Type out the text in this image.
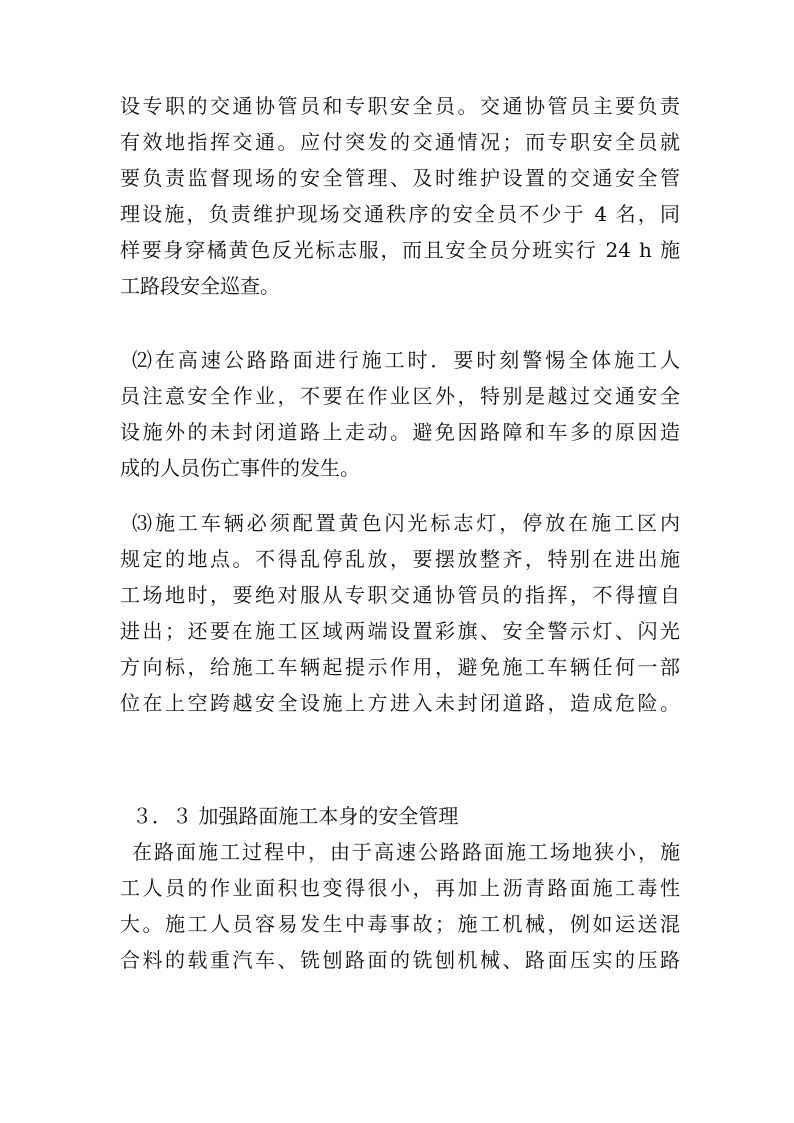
设专职的交通协管员和专职安全员。交通协管员主要负责
有效地指挥交通。应付突发的交通情况；而专职安全员就
要负责监督现场的安全管理、及时维护设置的交通安全管
理设施，负责维护现场交通秩序的安全员不少于 4 名，同
样要身穿橘黄色反光标志服，而且安全员分班实行 24 h 施
工路段安全巡查。
⑵在高速公路路面进行施工时．要时刻警惕全体施工人
员注意安全作业，不要在作业区外，特别是越过交通安全
设施外的未封闭道路上走动。避免因路障和车多的原因造
成的人员伤亡事件的发生。
⑶施工车辆必须配置黄色闪光标志灯，停放在施工区内
规定的地点。不得乱停乱放，要摆放整齐，特别在进出施
工场地时，要绝对服从专职交通协管员的指挥，不得擅自
进出；还要在施工区域两端设置彩旗、安全警示灯、闪光
方向标，给施工车辆起提示作用，避免施工车辆任何一部
位在上空跨越安全设施上方进入未封闭道路，造成危险。
３．３ 加强路面施工本身的安全管理
在路面施工过程中，由于高速公路路面施工场地狭小，施
工人员的作业面积也变得很小，再加上沥青路面施工毒性
大。施工人员容易发生中毒事故；施工机械，例如运送混
合料的载重汽车、铣刨路面的铣刨机械、路面压实的压路
